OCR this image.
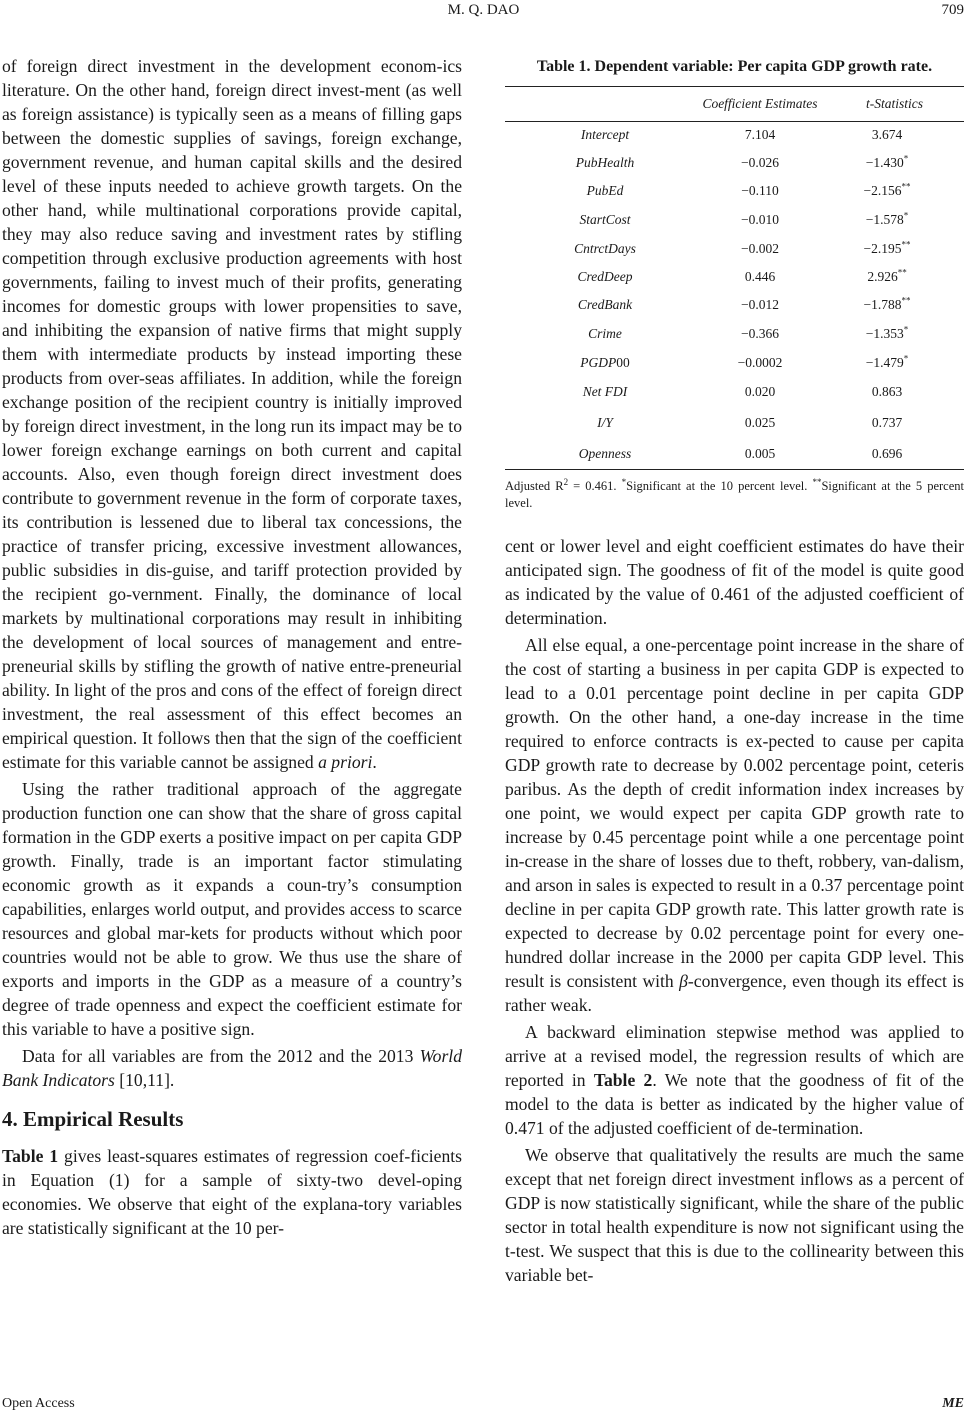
M. Q. DAO	709

of foreign direct investment in the development econom-ics literature. On the other hand, foreign direct invest-ment (as well as foreign assistance) is typically seen as a means of filling gaps between the domestic supplies of savings, foreign exchange, government revenue, and human capital skills and the desired level of these inputs needed to achieve growth targets. On the other hand, while multinational corporations provide capital, they may also reduce saving and investment rates by stifling competition through exclusive production agreements with host governments, failing to invest much of their profits, generating incomes for domestic groups with lower propensities to save, and inhibiting the expansion of native firms that might supply them with intermediate products by instead importing these products from over-seas affiliates. In addition, while the foreign exchange position of the recipient country is initially improved by foreign direct investment, in the long run its impact may be to lower foreign exchange earnings on both current and capital accounts. Also, even though foreign direct investment does contribute to government revenue in the form of corporate taxes, its contribution is lessened due to liberal tax concessions, the practice of transfer pricing, excessive investment allowances, public subsidies in dis-guise, and tariff protection provided by the recipient go-vernment. Finally, the dominance of local markets by multinational corporations may result in inhibiting the development of local sources of management and entre-preneurial skills by stifling the growth of native entre-preneurial ability. In light of the pros and cons of the effect of foreign direct investment, the real assessment of this effect becomes an empirical question. It follows then that the sign of the coefficient estimate for this variable cannot be assigned a priori.

Using the rather traditional approach of the aggregate production function one can show that the share of gross capital formation in the GDP exerts a positive impact on per capita GDP growth. Finally, trade is an important factor stimulating economic growth as it expands a coun-try’s consumption capabilities, enlarges world output, and provides access to scarce resources and global mar-kets for products without which poor countries would not be able to grow. We thus use the share of exports and imports in the GDP as a measure of a country’s degree of trade openness and expect the coefficient estimate for this variable to have a positive sign.

Data for all variables are from the 2012 and the 2013 World Bank Indicators [10,11].

4. Empirical Results

Table 1 gives least-squares estimates of regression coef-ficients in Equation (1) for a sample of sixty-two devel-oping economies. We observe that eight of the explana-tory variables are statistically significant at the 10 per-

Table 1. Dependent variable: Per capita GDP growth rate.
Coefficient Estimates	t-Statistics
Intercept	7.104	3.674
PubHealth	−0.026	−1.430*
PubEd	−0.110	−2.156**
StartCost	−0.010	−1.578*
CntrctDays	−0.002	−2.195**
CredDeep	0.446	2.926**
CredBank	−0.012	−1.788**
Crime	−0.366	−1.353*
PGDP00	−0.0002	−1.479*
Net FDI	0.020	0.863
I/Y	0.025	0.737
Openness	0.005	0.696
Adjusted $R^2 = 0.461$. *Significant at the 10 percent level. **Significant at the 5 percent level.

cent or lower level and eight coefficient estimates do have their anticipated sign. The goodness of fit of the model is quite good as indicated by the value of 0.461 of the adjusted coefficient of determination.

All else equal, a one-percentage point increase in the share of the cost of starting a business in per capita GDP is expected to lead to a 0.01 percentage point decline in per capita GDP growth. On the other hand, a one-day increase in the time required to enforce contracts is ex-pected to cause per capita GDP growth rate to decrease by 0.002 percentage point, ceteris paribus. As the depth of credit information index increases by one point, we would expect per capita GDP growth rate to increase by 0.45 percentage point while a one percentage point in-crease in the share of losses due to theft, robbery, van-dalism, and arson in sales is expected to result in a 0.37 percentage point decline in per capita GDP growth rate. This latter growth rate is expected to decrease by 0.02 percentage point for every one-hundred dollar increase in the 2000 per capita GDP level. This result is consistent with β-convergence, even though its effect is rather weak.

A backward elimination stepwise method was applied to arrive at a revised model, the regression results of which are reported in Table 2. We note that the goodness of fit of the model to the data is better as indicated by the higher value of 0.471 of the adjusted coefficient of de-termination.

We observe that qualitatively the results are much the same except that net foreign direct investment inflows as a percent of GDP is now statistically significant, while the share of the public sector in total health expenditure is now not significant using the t-test. We suspect that this is due to the collinearity between this variable bet-

Open Access	ME
